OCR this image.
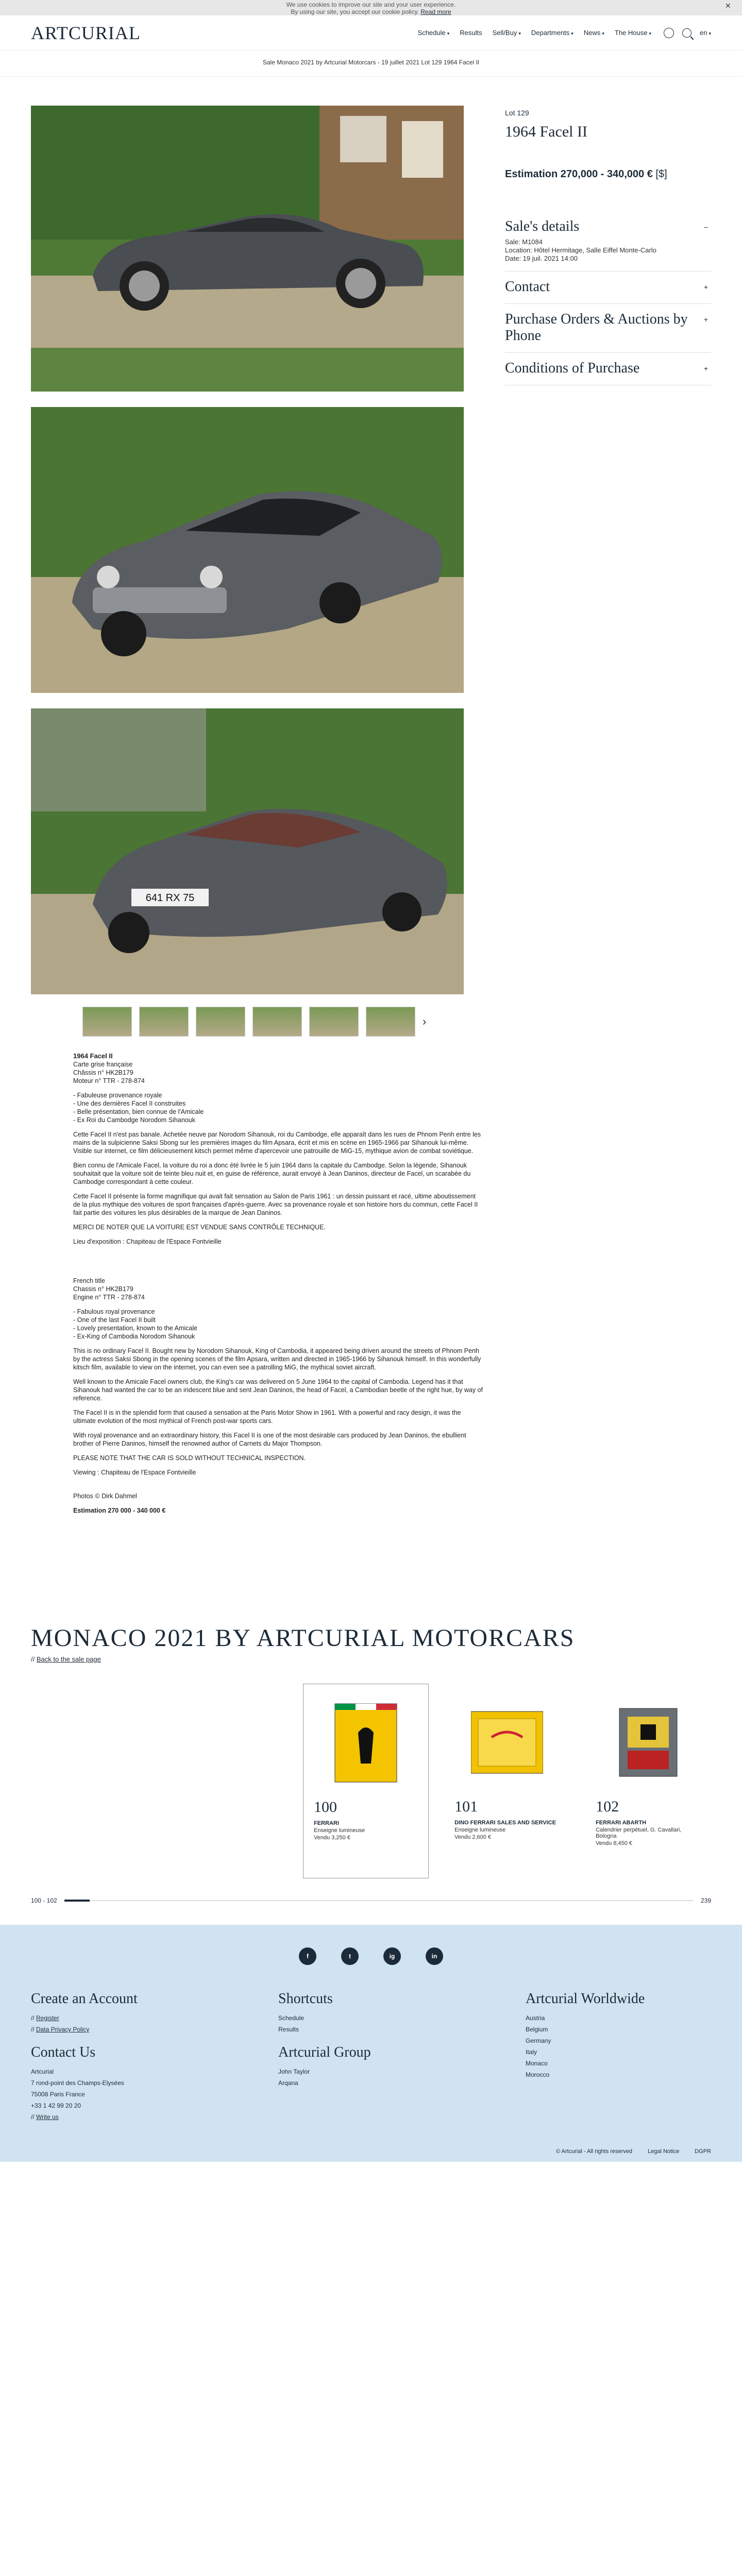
We use cookies to improve our site and your user experience.
By using our site, you accept our cookie policy. Read more
×
ARTCURIAL	Schedule ▾ Results Sell/Buy ▾ Departments ▾ News ▾ The House ▾	en ▾
Sale Monaco 2021 by Artcurial Motorcars - 19 juillet 2021 Lot 129 1964 Facel II
641 RX 75
›
Lot 129
1964 Facel II
Estimation 270,000 - 340,000 € [$]
Sale's details	–
Sale: M1084
Location: Hôtel Hermitage, Salle Eiffel Monte-Carlo
Date: 19 juil. 2021 14:00
Contact	+
Purchase Orders & Auctions by Phone
+
Conditions of Purchase	+

1964 Facel II
Carte grise française
Châssis n° HK2B179
Moteur n° TTR - 278-874

- Fabuleuse provenance royale
- Une des dernières Facel II construites
- Belle présentation, bien connue de l'Amicale
- Ex Roi du Cambodge Norodom Sihanouk

Cette Facel II n'est pas banale. Achetée neuve par Norodom Sihanouk, roi du Cambodge, elle apparaît dans les rues de Phnom Penh entre les mains de la sulpicienne Saksi Sbong sur les premières images du film Apsara, écrit et mis en scène en 1965-1966 par Sihanouk lui-même. Visible sur internet, ce film délicieusement kitsch permet même d'apercevoir une patrouille de MiG-15, mythique avion de combat soviétique.

Bien connu de l'Amicale Facel, la voiture du roi a donc été livrée le 5 juin 1964 dans la capitale du Cambodge. Selon la légende, Sihanouk souhaitait que la voiture soit de teinte bleu nuit et, en guise de référence, aurait envoyé à Jean Daninos, directeur de Facel, un scarabée du Cambodge correspondant à cette couleur.

Cette Facel II présente la forme magnifique qui avait fait sensation au Salon de Paris 1961 : un dessin puissant et racé, ultime aboutissement de la plus mythique des voitures de sport françaises d'après-guerre. Avec sa provenance royale et son histoire hors du commun, cette Facel II fait partie des voitures les plus désirables de la marque de Jean Daninos.

MERCI DE NOTER QUE LA VOITURE EST VENDUE SANS CONTRÔLE TECHNIQUE.

Lieu d'exposition : Chapiteau de l'Espace Fontvieille

French title
Chassis n° HK2B179
Engine n° TTR - 278-874

- Fabulous royal provenance
- One of the last Facel II built
- Lovely presentation, known to the Amicale
- Ex-King of Cambodia Norodom Sihanouk

This is no ordinary Facel II. Bought new by Norodom Sihanouk, King of Cambodia, it appeared being driven around the streets of Phnom Penh by the actress Saksi Sbong in the opening scenes of the film Apsara, written and directed in 1965-1966 by Sihanouk himself. In this wonderfully kitsch film, available to view on the internet, you can even see a patrolling MiG, the mythical soviet aircraft.

Well known to the Amicale Facel owners club, the King's car was delivered on 5 June 1964 to the capital of Cambodia. Legend has it that Sihanouk had wanted the car to be an iridescent blue and sent Jean Daninos, the head of Facel, a Cambodian beetle of the right hue, by way of reference.

The Facel II is in the splendid form that caused a sensation at the Paris Motor Show in 1961. With a powerful and racy design, it was the ultimate evolution of the most mythical of French post-war sports cars.

With royal provenance and an extraordinary history, this Facel II is one of the most desirable cars produced by Jean Daninos, the ebullient brother of Pierre Daninos, himself the renowned author of Carnets du Major Thompson.

PLEASE NOTE THAT THE CAR IS SOLD WITHOUT TECHNICAL INSPECTION.

Viewing : Chapiteau de l'Espace Fontvieille

Photos © Dirk Dahmel

Estimation 270 000 - 340 000 €

MONACO 2021 BY ARTCURIAL MOTORCARS
// Back to the sale page
100
FERRARI
Enseigne lumineuse
Vendu 3,250 €
101
DINO FERRARI SALES AND SERVICE
Enseigne lumineuse
Vendu 2,600 €
102
FERRARI ABARTH
Calendrier perpétuel, G. Cavallari, Bologna
Vendu 8,450 €
100 - 102	239
f	t	ig	in
Create an Account
// Register
// Data Privacy Policy
Contact Us
Artcurial
7 rond-point des Champs-Elysées
75008 Paris France
+33 1 42 99 20 20
// Write us
Shortcuts
Schedule
Results
Artcurial Group
John Taylor
Arqana
Artcurial Worldwide
Austria
Belgium
Germany
Italy
Monaco
Morocco
© Artcurial - All rights reserved	Legal Notice	DGPR
